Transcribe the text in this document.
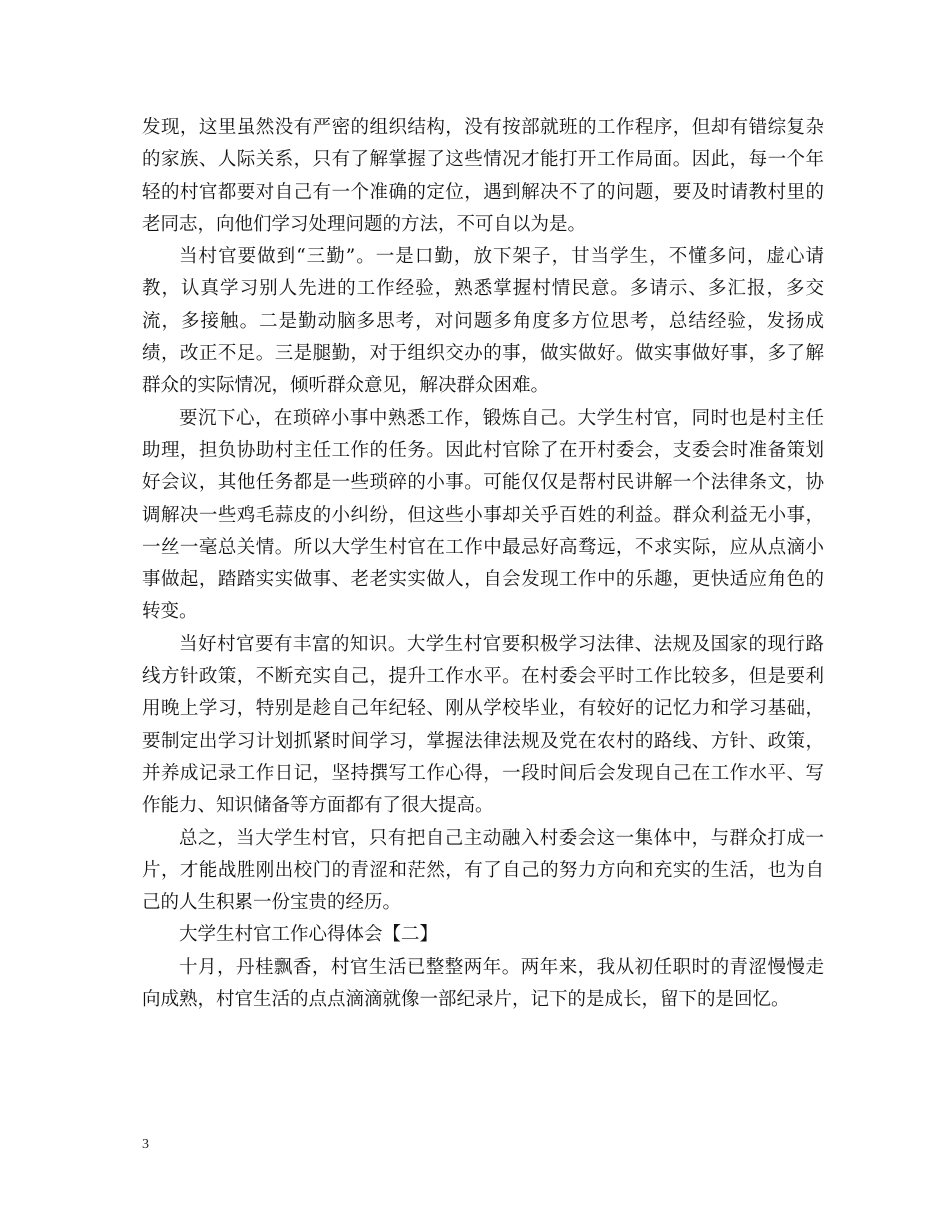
发现，这里虽然没有严密的组织结构，没有按部就班的工作程序，但却有错综复杂的家族、人际关系，只有了解掌握了这些情况才能打开工作局面。因此，每一个年轻的村官都要对自己有一个准确的定位，遇到解决不了的问题，要及时请教村里的老同志，向他们学习处理问题的方法，不可自以为是。

当村官要做到“三勤”。一是口勤，放下架子，甘当学生，不懂多问，虚心请教，认真学习别人先进的工作经验，熟悉掌握村情民意。多请示、多汇报，多交流，多接触。二是勤动脑多思考，对问题多角度多方位思考，总结经验，发扬成绩，改正不足。三是腿勤，对于组织交办的事，做实做好。做实事做好事，多了解群众的实际情况，倾听群众意见，解决群众困难。

要沉下心，在琐碎小事中熟悉工作，锻炼自己。大学生村官，同时也是村主任助理，担负协助村主任工作的任务。因此村官除了在开村委会，支委会时准备策划好会议，其他任务都是一些琐碎的小事。可能仅仅是帮村民讲解一个法律条文，协调解决一些鸡毛蒜皮的小纠纷，但这些小事却关乎百姓的利益。群众利益无小事，一丝一毫总关情。所以大学生村官在工作中最忌好高骛远，不求实际，应从点滴小事做起，踏踏实实做事、老老实实做人，自会发现工作中的乐趣，更快适应角色的转变。

当好村官要有丰富的知识。大学生村官要积极学习法律、法规及国家的现行路线方针政策，不断充实自己，提升工作水平。在村委会平时工作比较多，但是要利用晚上学习，特别是趁自己年纪轻、刚从学校毕业，有较好的记忆力和学习基础，要制定出学习计划抓紧时间学习，掌握法律法规及党在农村的路线、方针、政策，并养成记录工作日记，坚持撰写工作心得，一段时间后会发现自己在工作水平、写作能力、知识储备等方面都有了很大提高。

总之，当大学生村官，只有把自己主动融入村委会这一集体中，与群众打成一片，才能战胜刚出校门的青涩和茫然，有了自己的努力方向和充实的生活，也为自己的人生积累一份宝贵的经历。

大学生村官工作心得体会【二】

十月，丹桂飘香，村官生活已整整两年。两年来，我从初任职时的青涩慢慢走向成熟，村官生活的点点滴滴就像一部纪录片，记下的是成长，留下的是回忆。

3
